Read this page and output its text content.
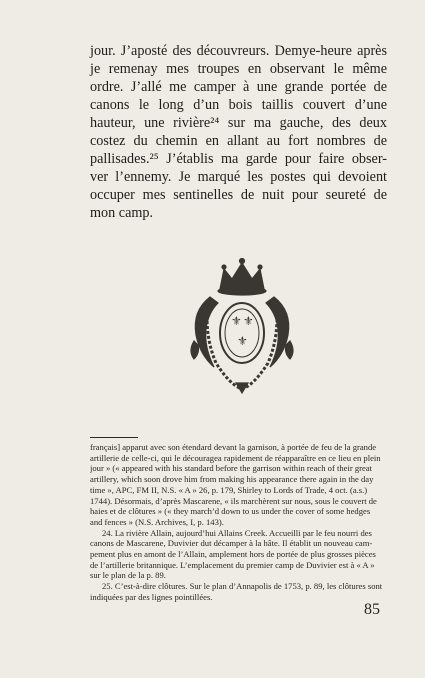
jour. J’aposté des découvreurs. Demye-heure après
je remenay mes troupes en observant le même
ordre. J’allé me camper à une grande portée de
canons le long d’un bois taillis couvert d’une
hauteur, une rivière²⁴ sur ma gauche, des deux
costez du chemin en allant au fort nombres de
pallisades.²⁵ J’établis ma garde pour faire obser-
ver l’ennemy. Je marqué les postes qui devoient
occuper mes sentinelles de nuit pour seureté de
mon camp.

⚜ ⚜
⚜
français] apparut avec son étendard devant la garnison, à portée de feu de la grande
artillerie de celle-ci, qui le découragea rapidement de réapparaître en ce lieu en plein
jour » (« appeared with his standard before the garrison within reach of their great
artillery, which soon drove him from making his appearance there again in the day
time », APC, FM II, N.S. « A » 26, p. 179, Shirley to Lords of Trade, 4 oct. (a.s.)
1744). Désormais, d’après Mascarene, « ils marchèrent sur nous, sous le couvert de
haies et de clôtures » (« they march’d down to us under the cover of some hedges
and fences » (N.S. Archives, I, p. 143).
24. La rivière Allain, aujourd’hui Allains Creek. Accueilli par le feu nourri des
canons de Mascarene, Duvivier dut décamper à la hâte. Il établit un nouveau cam-
pement plus en amont de l’Allain, amplement hors de portée de plus grosses pièces
de l’artillerie britannique. L’emplacement du premier camp de Duvivier est à « A »
sur le plan de la p. 89.
25. C’est-à-dire clôtures. Sur le plan d’Annapolis de 1753, p. 89, les clôtures sont
indiquées par des lignes pointillées.
85
